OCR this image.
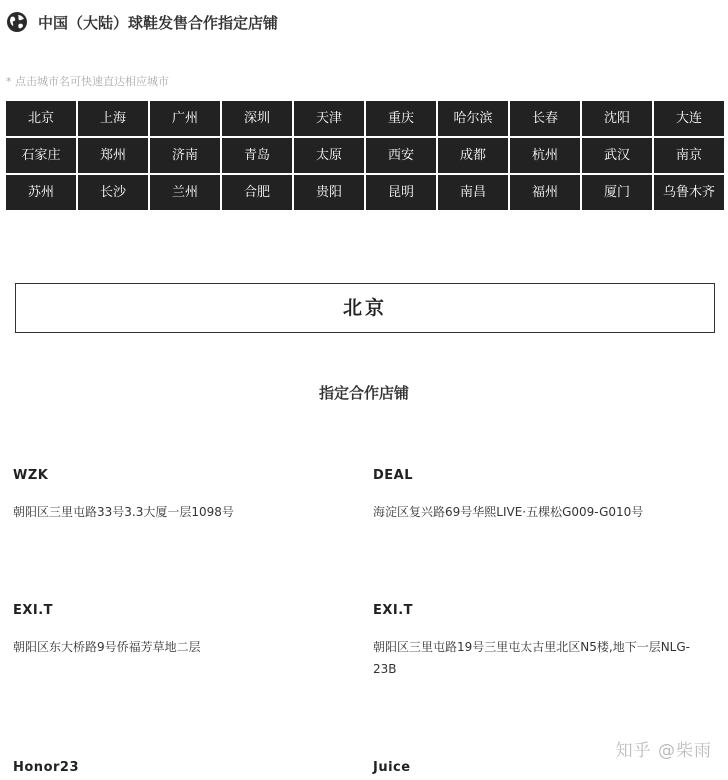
中国（大陆）球鞋发售合作指定店铺
* 点击城市名可快速直达相应城市
北京	上海	广州	深圳	天津	重庆	哈尔滨	长春	沈阳	大连
石家庄	郑州	济南	青岛	太原	西安	成都	杭州	武汉	南京
苏州	长沙	兰州	合肥	贵阳	昆明	南昌	福州	厦门	乌鲁木齐
北京
指定合作店铺
WZK
朝阳区三里屯路33号3.3大厦一层1098号
DEAL
海淀区复兴路69号华熙LIVE·五棵松G009-G010号
EXI.T
朝阳区东大桥路9号侨福芳草地二层
EXI.T
朝阳区三里屯路19号三里屯太古里北区N5楼,地下一层NLG-23B
Honor23	Juice
知乎 @柴雨
